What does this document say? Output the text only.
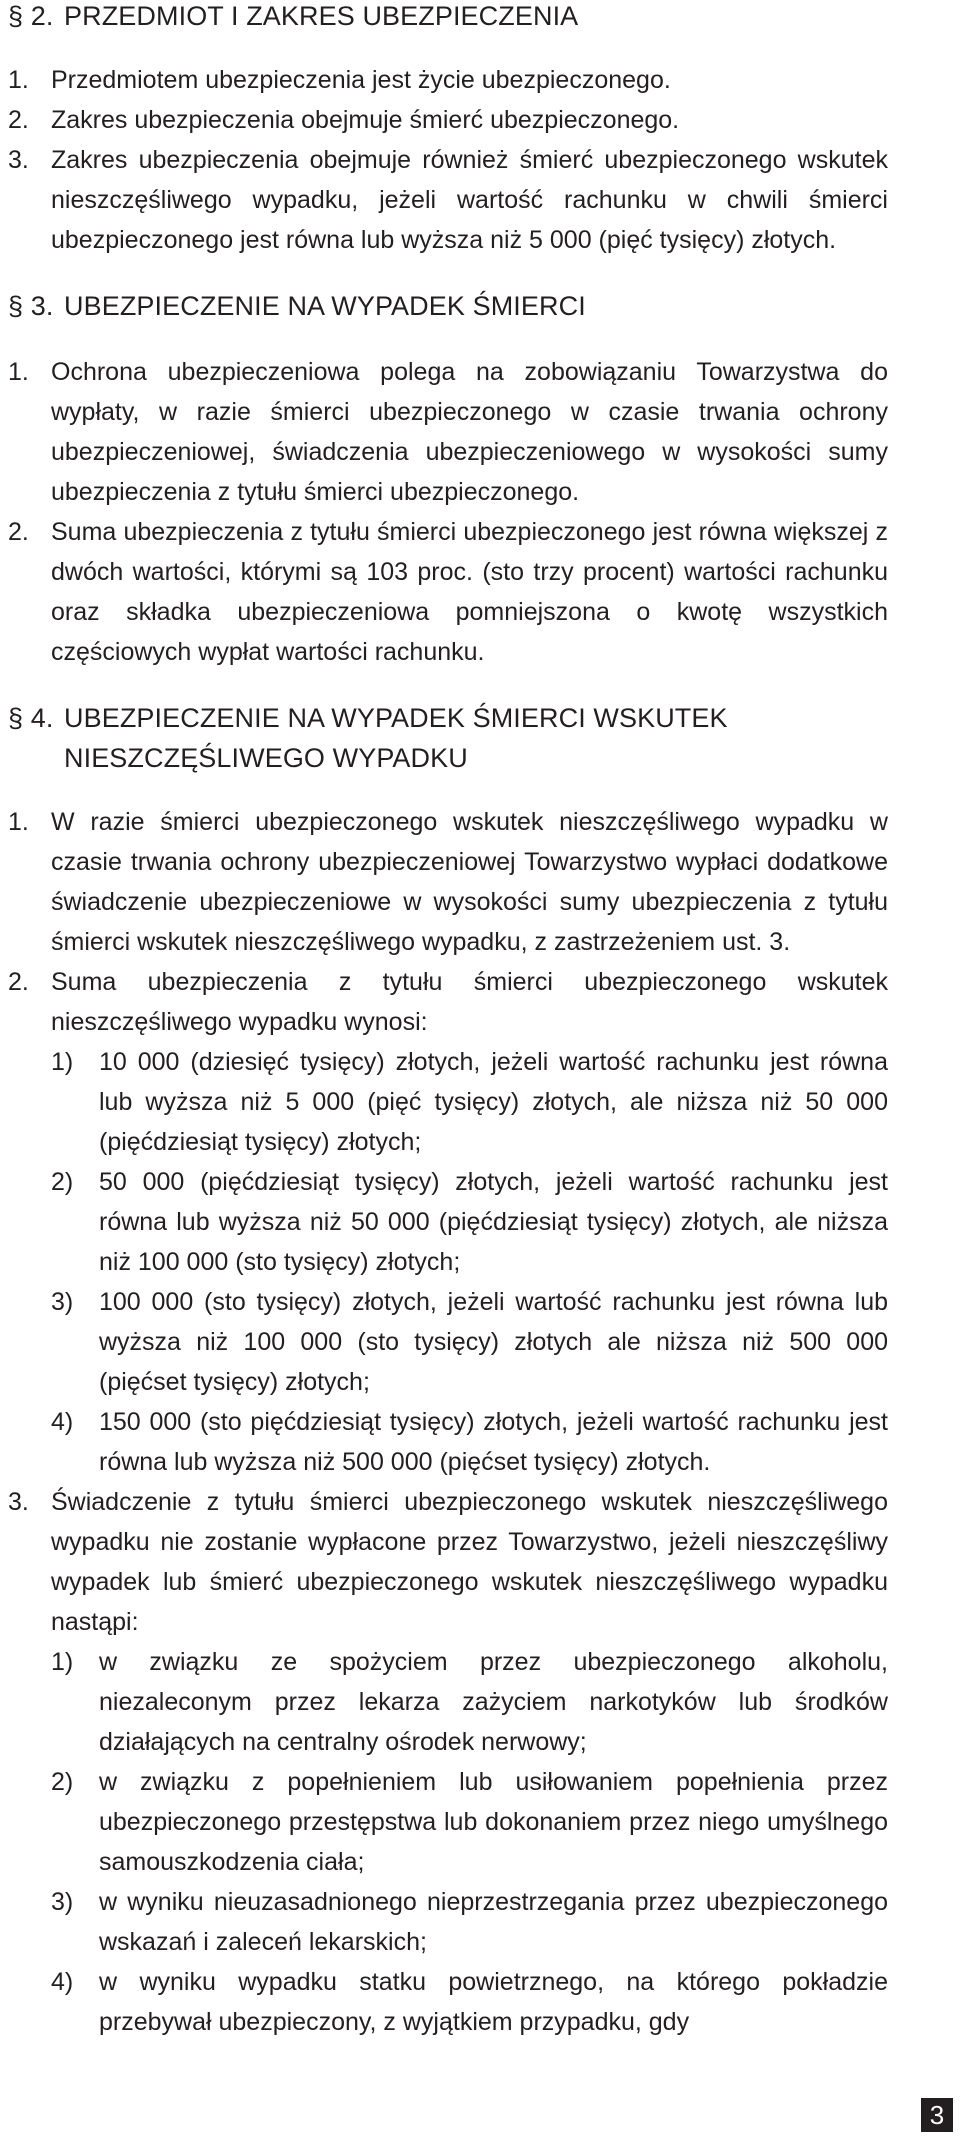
§ 2. PRZEDMIOT I ZAKRES UBEZPIECZENIA
1. Przedmiotem ubezpieczenia jest życie ubezpieczonego.
2. Zakres ubezpieczenia obejmuje śmierć ubezpieczonego.
3. Zakres ubezpieczenia obejmuje również śmierć ubezpieczonego wskutek nieszczęśliwego wypadku, jeżeli wartość rachunku w chwili śmierci ubezpieczonego jest równa lub wyższa niż 5 000 (pięć tysięcy) złotych.
§ 3. UBEZPIECZENIE NA WYPADEK ŚMIERCI
1. Ochrona ubezpieczeniowa polega na zobowiązaniu Towarzystwa do wypłaty, w razie śmierci ubezpieczonego w czasie trwania ochrony ubezpieczeniowej, świadczenia ubezpieczeniowego w wysokości sumy ubezpieczenia z tytułu śmierci ubezpieczonego.
2. Suma ubezpieczenia z tytułu śmierci ubezpieczonego jest równa większej z dwóch wartości, którymi są 103 proc. (sto trzy procent) wartości rachunku oraz składka ubezpieczeniowa pomniejszona o kwotę wszystkich częściowych wypłat wartości rachunku.
§ 4. UBEZPIECZENIE NA WYPADEK ŚMIERCI WSKUTEK
NIESZCZĘŚLIWEGO WYPADKU
1. W razie śmierci ubezpieczonego wskutek nieszczęśliwego wypadku w czasie trwania ochrony ubezpieczeniowej Towarzystwo wypłaci dodatkowe świadczenie ubezpieczeniowe w wysokości sumy ubezpieczenia z tytułu śmierci wskutek nieszczęśliwego wypadku, z zastrzeżeniem ust. 3.
2. Suma ubezpieczenia z tytułu śmierci ubezpieczonego wskutek nieszczęśliwego wypadku wynosi:
1) 10 000 (dziesięć tysięcy) złotych, jeżeli wartość rachunku jest równa lub wyższa niż 5 000 (pięć tysięcy) złotych, ale niższa niż 50 000 (pięćdziesiąt tysięcy) złotych;
2) 50 000 (pięćdziesiąt tysięcy) złotych, jeżeli wartość rachunku jest równa lub wyższa niż 50 000 (pięćdziesiąt tysięcy) złotych, ale niższa niż 100 000 (sto tysięcy) złotych;
3) 100 000 (sto tysięcy) złotych, jeżeli wartość rachunku jest równa lub wyższa niż 100 000 (sto tysięcy) złotych ale niższa niż 500 000 (pięćset tysięcy) złotych;
4) 150 000 (sto pięćdziesiąt tysięcy) złotych, jeżeli wartość rachunku jest równa lub wyższa niż 500 000 (pięćset tysięcy) złotych.
3. Świadczenie z tytułu śmierci ubezpieczonego wskutek nieszczęśliwego wypadku nie zostanie wypłacone przez Towarzystwo, jeżeli nieszczęśliwy wypadek lub śmierć ubezpieczonego wskutek nieszczęśliwego wypadku nastąpi:
1) w związku ze spożyciem przez ubezpieczonego alkoholu, niezaleconym przez lekarza zażyciem narkotyków lub środków działających na centralny ośrodek nerwowy;
2) w związku z popełnieniem lub usiłowaniem popełnienia przez ubezpieczonego przestępstwa lub dokonaniem przez niego umyślnego samouszkodzenia ciała;
3) w wyniku nieuzasadnionego nieprzestrzegania przez ubezpieczonego wskazań i zaleceń lekarskich;
4) w wyniku wypadku statku powietrznego, na którego pokładzie przebywał ubezpieczony, z wyjątkiem przypadku, gdy
3
